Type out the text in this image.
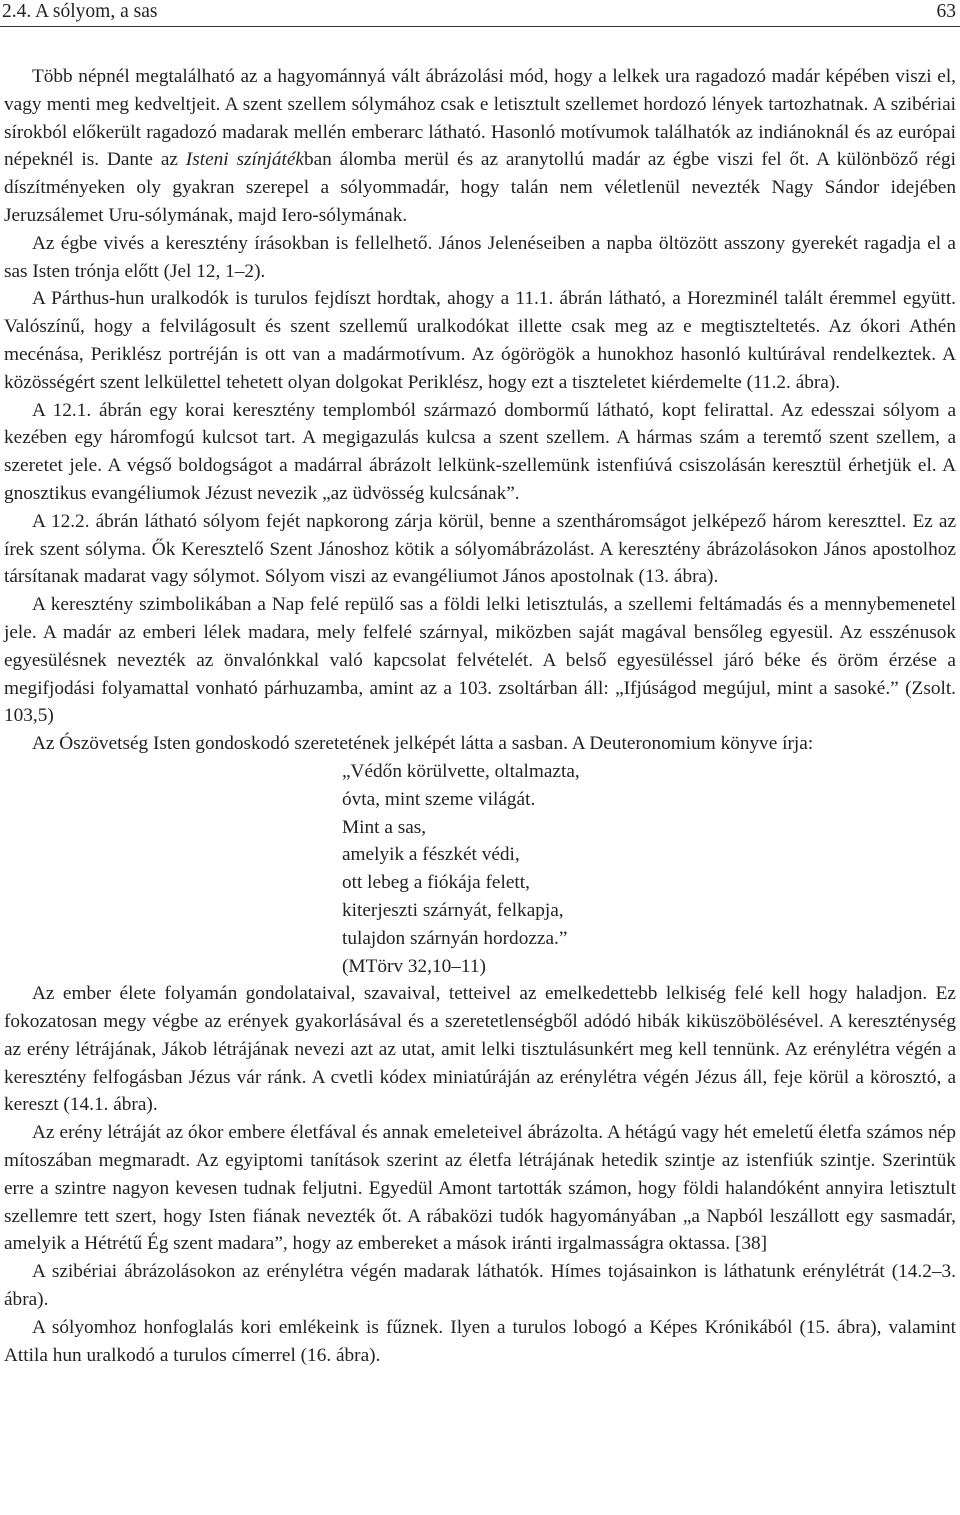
2.4. A sólyom, a sas	63

Több népnél megtalálható az a hagyománnyá vált ábrázolási mód, hogy a lelkek ura ragadozó madár képében viszi el, vagy menti meg kedveltjeit. A szent szellem sólymához csak e letisztult szellemet hordozó lények tartozhatnak. A szibériai sírokból előkerült ragadozó madarak mellén emberarc látható. Hasonló motívumok találhatók az indiánoknál és az európai népeknél is. Dante az Isteni színjátékban álomba merül és az aranytollú madár az égbe viszi fel őt. A különböző régi díszítményeken oly gyakran szerepel a sólyommadár, hogy talán nem véletlenül nevezték Nagy Sándor idejében Jeruzsálemet Uru-sólymának, majd Iero-sólymának.

Az égbe vivés a keresztény írásokban is fellelhető. János Jelenéseiben a napba öltözött asszony gyerekét ragadja el a sas Isten trónja előtt (Jel 12, 1–2).

A Párthus-hun uralkodók is turulos fejdíszt hordtak, ahogy a 11.1. ábrán látható, a Horezminél talált éremmel együtt. Valószínű, hogy a felvilágosult és szent szellemű uralkodókat illette csak meg az e megtiszteltetés. Az ókori Athén mecénása, Periklész portréján is ott van a madármotívum. Az ógörögök a hunokhoz hasonló kultúrával rendelkeztek. A közösségért szent lelkülettel tehetett olyan dolgokat Periklész, hogy ezt a tiszteletet kiérdemelte (11.2. ábra).

A 12.1. ábrán egy korai keresztény templomból származó dombormű látható, kopt felirattal. Az edesszai sólyom a kezében egy háromfogú kulcsot tart. A megigazulás kulcsa a szent szellem. A hármas szám a teremtő szent szellem, a szeretet jele. A végső boldogságot a madárral ábrázolt lelkünk-szellemünk istenfiúvá csiszolásán keresztül érhetjük el. A gnosztikus evangéliumok Jézust nevezik „az üdvösség kulcsának”.

A 12.2. ábrán látható sólyom fejét napkorong zárja körül, benne a szentháromságot jelképező három kereszttel. Ez az írek szent sólyma. Ők Keresztelő Szent Jánoshoz kötik a sólyomábrázolást. A keresztény ábrázolásokon János apostolhoz társítanak madarat vagy sólymot. Sólyom viszi az evangéliumot János apostolnak (13. ábra).

A keresztény szimbolikában a Nap felé repülő sas a földi lelki letisztulás, a szellemi feltámadás és a mennybemenetel jele. A madár az emberi lélek madara, mely felfelé szárnyal, miközben saját magával bensőleg egyesül. Az esszénusok egyesülésnek nevezték az önvalónkkal való kapcsolat felvételét. A belső egyesüléssel járó béke és öröm érzése a megifjodási folyamattal vonható párhuzamba, amint az a 103. zsoltárban áll: „Ifjúságod megújul, mint a sasoké.” (Zsolt. 103,5)

Az Ószövetség Isten gondoskodó szeretetének jelképét látta a sasban. A Deuteronomium könyve írja:

„Védőn körülvette, oltalmazta,

óvta, mint szeme világát.

Mint a sas,

amelyik a fészkét védi,

ott lebeg a fiókája felett,

kiterjeszti szárnyát, felkapja,

tulajdon szárnyán hordozza.”

(MTörv 32,10–11)

Az ember élete folyamán gondolataival, szavaival, tetteivel az emelkedettebb lelkiség felé kell hogy haladjon. Ez fokozatosan megy végbe az erények gyakorlásával és a szeretetlenségből adódó hibák kiküszöbölésével. A kereszténység az erény létrájának, Jákob létrájának nevezi azt az utat, amit lelki tisztulásunkért meg kell tennünk. Az erénylétra végén a keresztény felfogásban Jézus vár ránk. A cvetli kódex miniatúráján az erénylétra végén Jézus áll, feje körül a körosztó, a kereszt (14.1. ábra).

Az erény létráját az ókor embere életfával és annak emeleteivel ábrázolta. A hétágú vagy hét emeletű életfa számos nép mítoszában megmaradt. Az egyiptomi tanítások szerint az életfa létrájának hetedik szintje az istenfiúk szintje. Szerintük erre a szintre nagyon kevesen tudnak feljutni. Egyedül Amont tartották számon, hogy földi halandóként annyira letisztult szellemre tett szert, hogy Isten fiának nevezték őt. A rábaközi tudók hagyományában „a Napból leszállott egy sasmadár, amelyik a Hétrétű Ég szent madara”, hogy az embereket a mások iránti irgalmasságra oktassa. [38]

A szibériai ábrázolásokon az erénylétra végén madarak láthatók. Hímes tojásainkon is láthatunk erénylétrát (14.2–3. ábra).

A sólyomhoz honfoglalás kori emlékeink is fűznek. Ilyen a turulos lobogó a Képes Krónikából (15. ábra), valamint Attila hun uralkodó a turulos címerrel (16. ábra).
